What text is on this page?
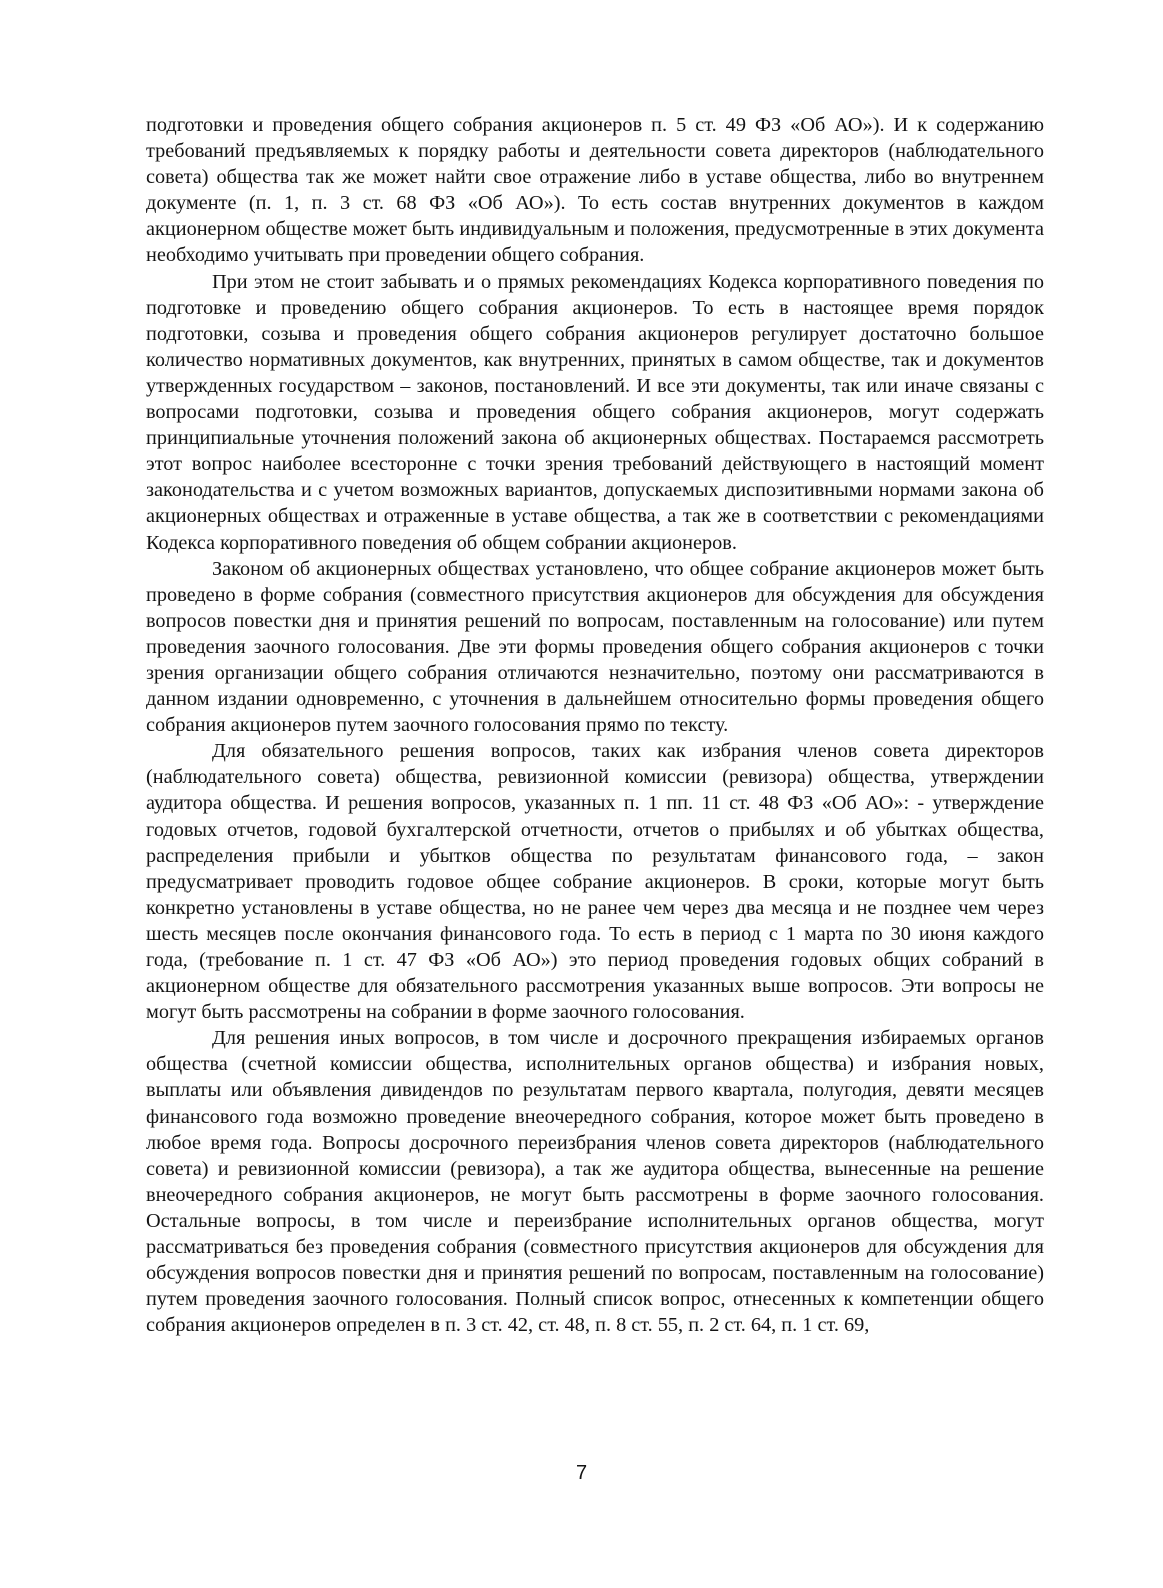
подготовки и проведения общего собрания акционеров п. 5 ст. 49 ФЗ «Об АО»). И к содержанию требований предъявляемых к порядку работы и деятельности совета директоров (наблюдательного совета) общества так же может найти свое отражение либо в уставе общества, либо во внутреннем документе (п. 1, п. 3 ст. 68 ФЗ «Об АО»). То есть состав внутренних документов в каждом акционерном обществе может быть индивидуальным и положения, предусмотренные в этих документа необходимо учитывать при проведении общего собрания.

При этом не стоит забывать и о прямых рекомендациях Кодекса корпоративного поведения по подготовке и проведению общего собрания акционеров. То есть в настоящее время порядок подготовки, созыва и проведения общего собрания акционеров регулирует достаточно большое количество нормативных документов, как внутренних, принятых в самом обществе, так и документов утвержденных государством – законов, постановлений. И все эти документы, так или иначе связаны с вопросами подготовки, созыва и проведения общего собрания акционеров, могут содержать принципиальные уточнения положений закона об акционерных обществах. Постараемся рассмотреть этот вопрос наиболее всесторонне с точки зрения требований действующего в настоящий момент законодательства и с учетом возможных вариантов, допускаемых диспозитивными нормами закона об акционерных обществах и отраженные в уставе общества, а так же в соответствии с рекомендациями Кодекса корпоративного поведения об общем собрании акционеров.

Законом об акционерных обществах установлено, что общее собрание акционеров может быть проведено в форме собрания (совместного присутствия акционеров для обсуждения для обсуждения вопросов повестки дня и принятия решений по вопросам, поставленным на голосование) или путем проведения заочного голосования. Две эти формы проведения общего собрания акционеров с точки зрения организации общего собрания отличаются незначительно, поэтому они рассматриваются в данном издании одновременно, с уточнения в дальнейшем относительно формы проведения общего собрания акционеров путем заочного голосования прямо по тексту.

Для обязательного решения вопросов, таких как избрания членов совета директоров (наблюдательного совета) общества, ревизионной комиссии (ревизора) общества, утверждении аудитора общества. И решения вопросов, указанных п. 1 пп. 11 ст. 48 ФЗ «Об АО»: - утверждение годовых отчетов, годовой бухгалтерской отчетности, отчетов о прибылях и об убытках общества, распределения прибыли и убытков общества по результатам финансового года, – закон предусматривает проводить годовое общее собрание акционеров. В сроки, которые могут быть конкретно установлены в уставе общества, но не ранее чем через два месяца и не позднее чем через шесть месяцев после окончания финансового года. То есть в период с 1 марта по 30 июня каждого года, (требование п. 1 ст. 47 ФЗ «Об АО») это период проведения годовых общих собраний в акционерном обществе для обязательного рассмотрения указанных выше вопросов. Эти вопросы не могут быть рассмотрены на собрании в форме заочного голосования.

Для решения иных вопросов, в том числе и досрочного прекращения избираемых органов общества (счетной комиссии общества, исполнительных органов общества) и избрания новых, выплаты или объявления дивидендов по результатам первого квартала, полугодия, девяти месяцев финансового года возможно проведение внеочередного собрания, которое может быть проведено в любое время года. Вопросы досрочного переизбрания членов совета директоров (наблюдательного совета) и ревизионной комиссии (ревизора), а так же аудитора общества, вынесенные на решение внеочередного собрания акционеров, не могут быть рассмотрены в форме заочного голосования. Остальные вопросы, в том числе и переизбрание исполнительных органов общества, могут рассматриваться без проведения собрания (совместного присутствия акционеров для обсуждения для обсуждения вопросов повестки дня и принятия решений по вопросам, поставленным на голосование) путем проведения заочного голосования. Полный список вопрос, отнесенных к компетенции общего собрания акционеров определен в п. 3 ст. 42, ст. 48, п. 8 ст. 55, п. 2 ст. 64, п. 1 ст. 69,

7
